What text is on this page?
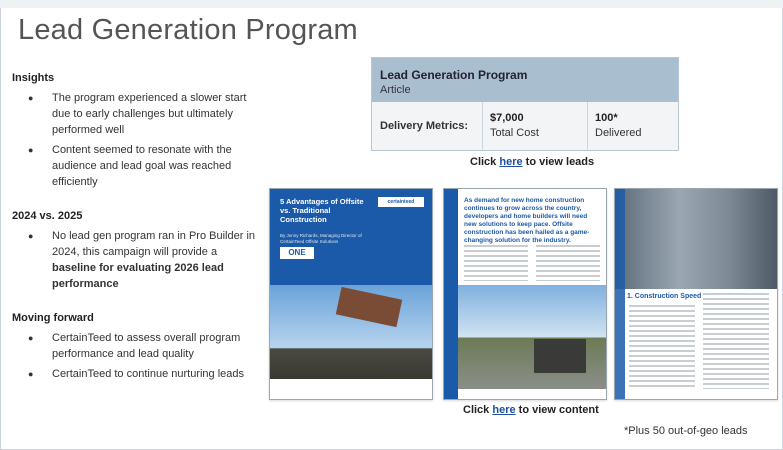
Lead Generation Program
Insights
● The program experienced a slower start due to early challenges but ultimately performed well
● Content seemed to resonate with the audience and lead goal was reached efficiently
2024 vs. 2025
● No lead gen program ran in Pro Builder in 2024, this campaign will provide a baseline for evaluating 2026 lead performance
Moving forward
● CertainTeed to assess overall program performance and lead quality
● CertainTeed to continue nurturing leads
Lead Generation Program
Article
Delivery Metrics:
$7,000
Total Cost
100*
Delivered
Click here to view leads
5 Advantages of Offsite vs. Traditional Construction
certainteed
By Jonny Richards, Managing Director of CertainTeed Offsite Solutions
ONE
As demand for new home construction continues to grow across the country, developers and home builders will need new solutions to keep pace. Offsite construction has been hailed as a game-changing solution for the industry.
1. Construction Speed
Click here to view content
*Plus 50 out-of-geo leads
